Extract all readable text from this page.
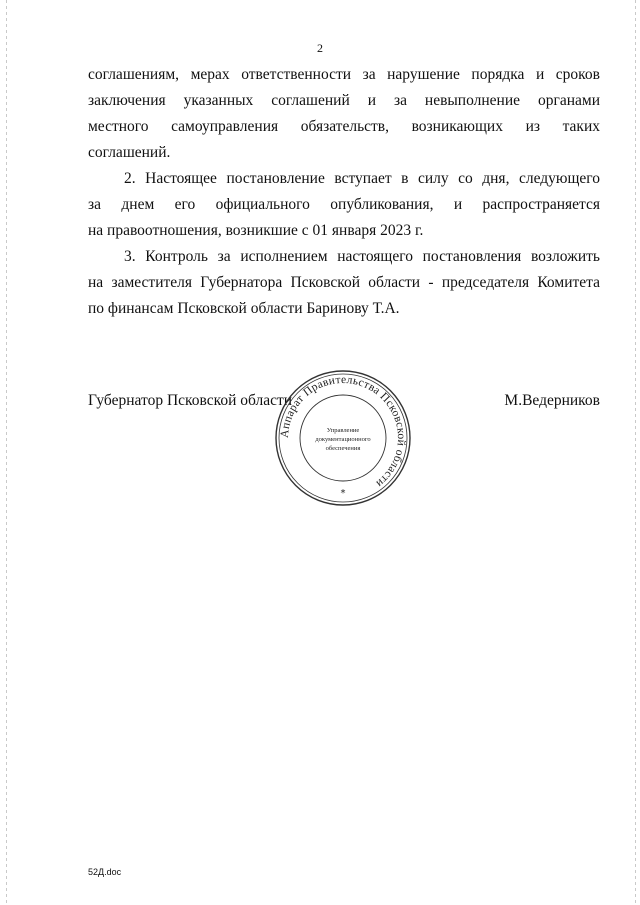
2

соглашениям, мерах ответственности за нарушение порядка и сроков
заключения указанных соглашений и за невыполнение органами
местного самоуправления обязательств, возникающих из таких
соглашений.

2. Настоящее постановление вступает в силу со дня, следующего
за днем его официального опубликования, и распространяется
на правоотношения, возникшие с 01 января 2023 г.

3. Контроль за исполнением настоящего постановления возложить
на заместителя Губернатора Псковской области - председателя Комитета
по финансам Псковской области Баринову Т.А.

Губернатор Псковской области	М.Ведерников
Аппарат Правительства Псковской области
Управление
документационного
обеспечения
*
52Д.doc
